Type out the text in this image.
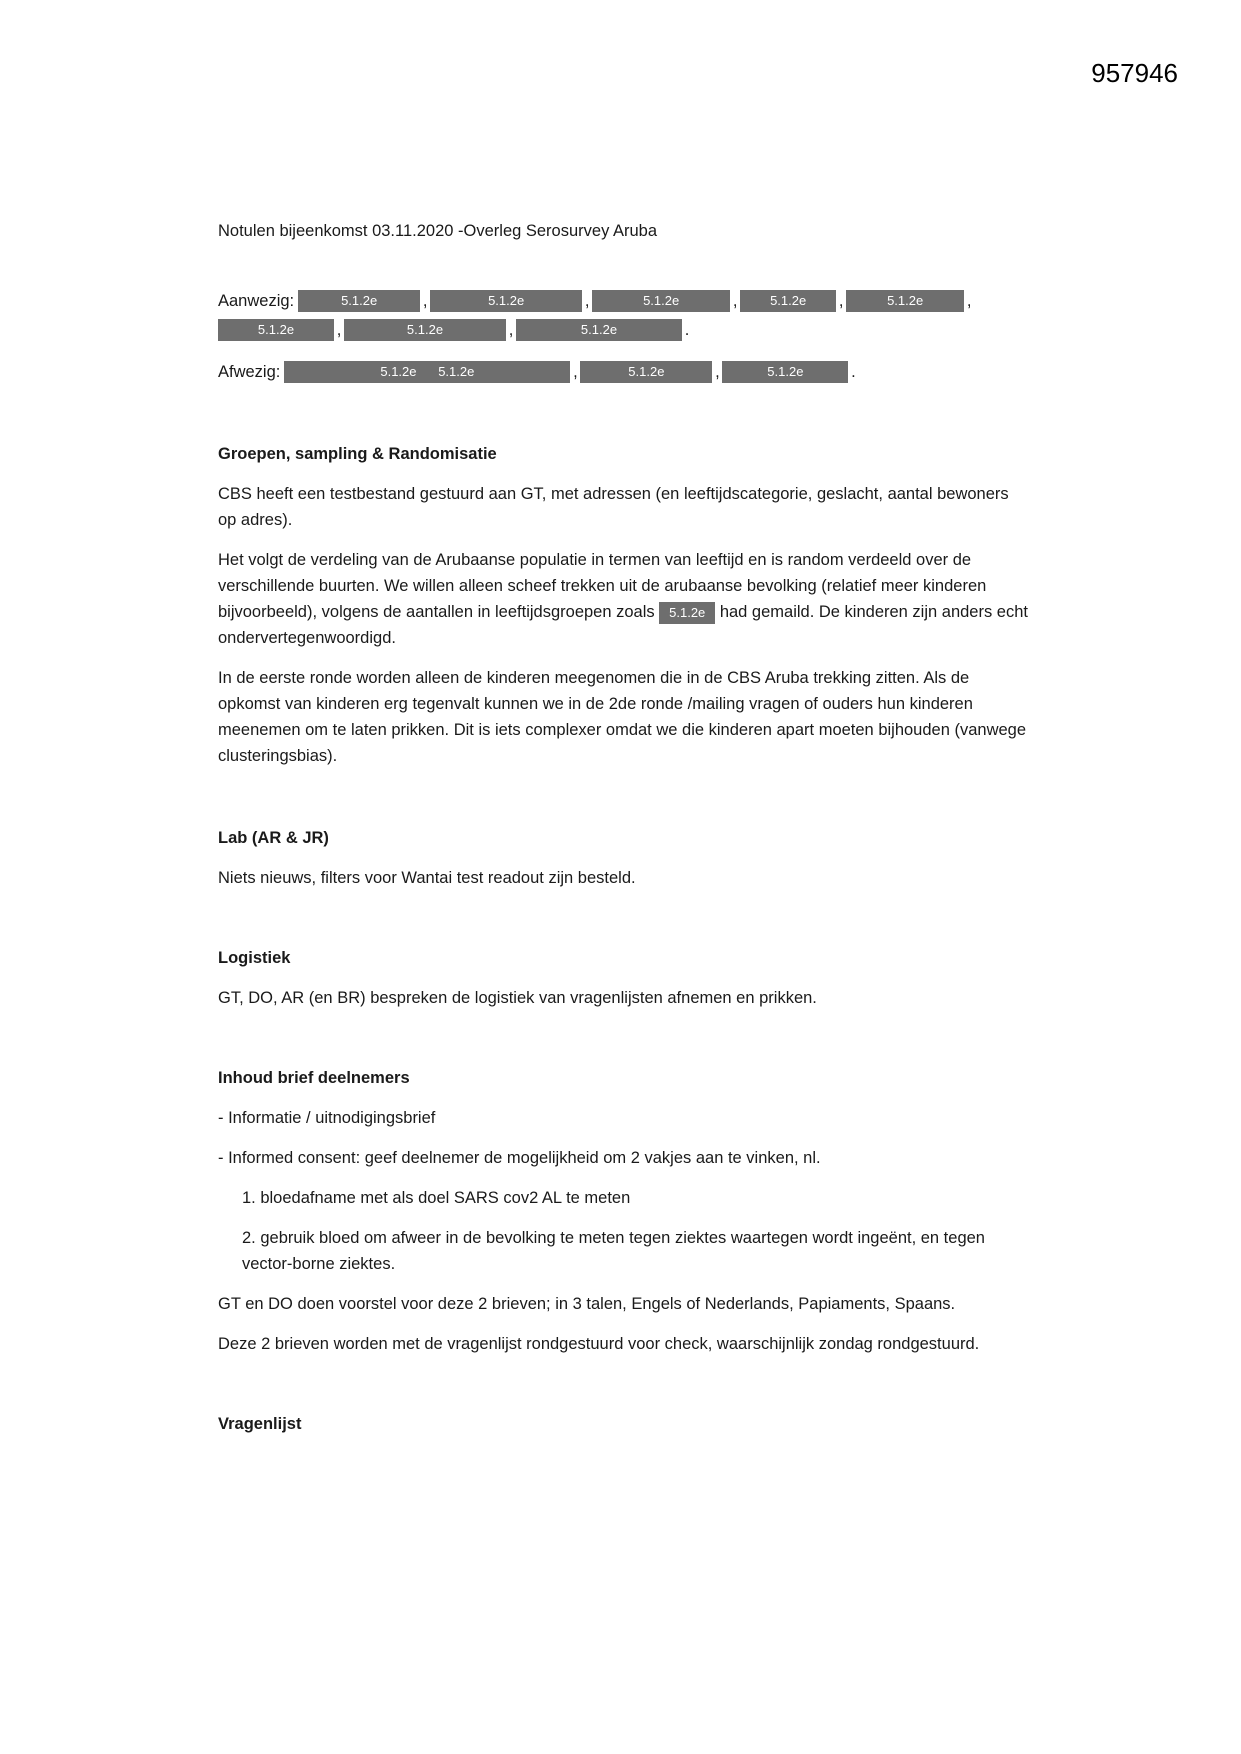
957946

Notulen bijeenkomst 03.11.2020 -Overleg Serosurvey Aruba

Aanwezig:	5.1.2e	,	5.1.2e	,	5.1.2e	,	5.1.2e	,	5.1.2e	,
5.1.2e	,	5.1.2e	,	5.1.2e	.
Afwezig:	5.1.2e 5.1.2e	,	5.1.2e	,	5.1.2e	.
Groepen, sampling & Randomisatie

CBS heeft een testbestand gestuurd aan GT, met adressen (en leeftijdscategorie, geslacht, aantal bewoners op adres).

Het volgt de verdeling van de Arubaanse populatie in termen van leeftijd en is random verdeeld over de verschillende buurten. We willen alleen scheef trekken uit de arubaanse bevolking (relatief meer kinderen bijvoorbeeld), volgens de aantallen in leeftijdsgroepen zoals 5.1.2e had gemaild. De kinderen zijn anders echt ondervertegenwoordigd.

In de eerste ronde worden alleen de kinderen meegenomen die in de CBS Aruba trekking zitten. Als de opkomst van kinderen erg tegenvalt kunnen we in de 2de ronde /mailing vragen of ouders hun kinderen meenemen om te laten prikken. Dit is iets complexer omdat we die kinderen apart moeten bijhouden (vanwege clusteringsbias).

Lab (AR & JR)

Niets nieuws, filters voor Wantai test readout zijn besteld.

Logistiek

GT, DO, AR (en BR) bespreken de logistiek van vragenlijsten afnemen en prikken.

Inhoud brief deelnemers

- Informatie / uitnodigingsbrief

- Informed consent: geef deelnemer de mogelijkheid om 2 vakjes aan te vinken, nl.

1. bloedafname met als doel SARS cov2 AL te meten

2. gebruik bloed om afweer in de bevolking te meten tegen ziektes waartegen wordt ingeënt, en tegen vector-borne ziektes.

GT en DO doen voorstel voor deze 2 brieven; in 3 talen, Engels of Nederlands, Papiaments, Spaans.

Deze 2 brieven worden met de vragenlijst rondgestuurd voor check, waarschijnlijk zondag rondgestuurd.

Vragenlijst
